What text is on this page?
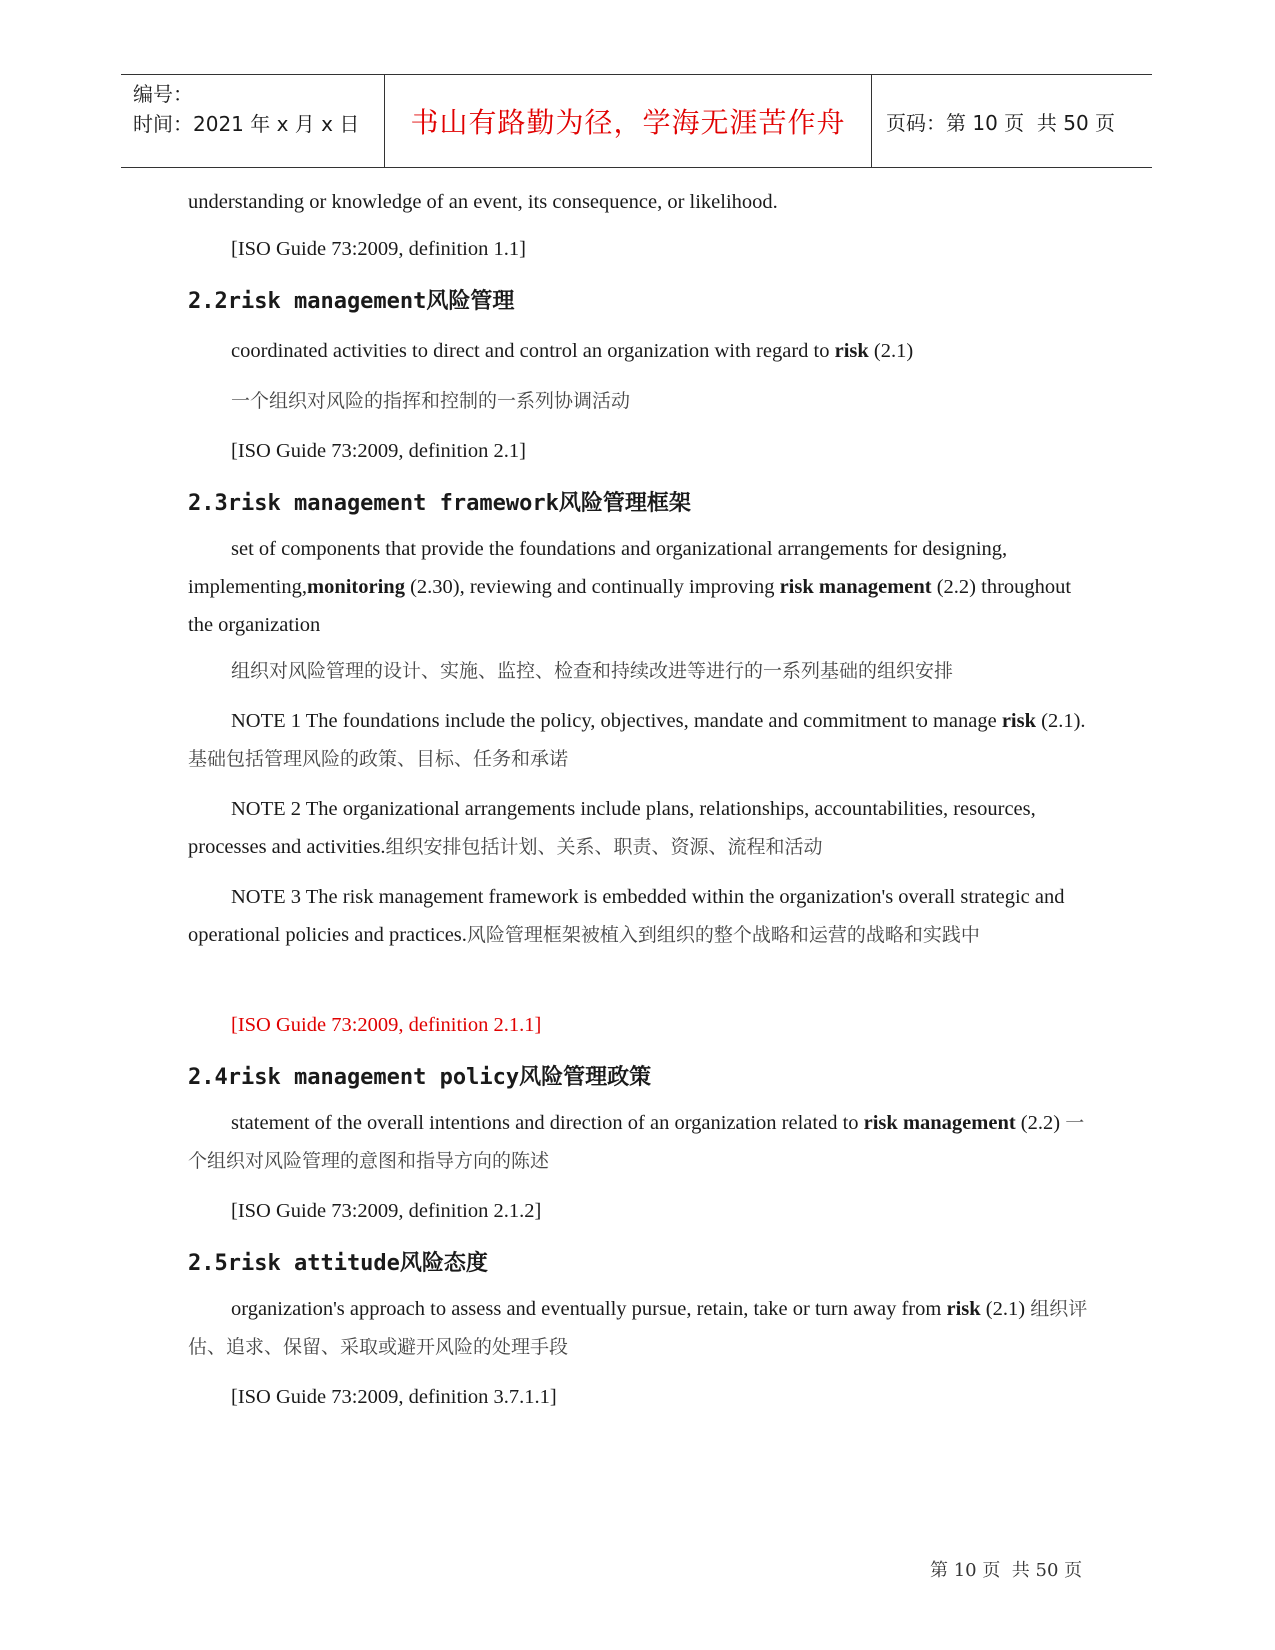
编号：
时间：2021 年 x 月 x 日	书山有路勤为径，学海无涯苦作舟 页码：第 10 页  共 50 页

understanding or knowledge of an event, its consequence, or likelihood.

[ISO Guide 73:2009, definition 1.1]

2.2risk management风险管理

coordinated activities to direct and control an organization with regard to risk (2.1)

一个组织对风险的指挥和控制的一系列协调活动

[ISO Guide 73:2009, definition 2.1]

2.3risk management framework风险管理框架

set of components that provide the foundations and organizational arrangements for designing, implementing,monitoring (2.30), reviewing and continually improving risk management (2.2) throughout the organization

组织对风险管理的设计、实施、监控、检查和持续改进等进行的一系列基础的组织安排

NOTE 1 The foundations include the policy, objectives, mandate and commitment to manage risk (2.1).基础包括管理风险的政策、目标、任务和承诺

NOTE 2 The organizational arrangements include plans, relationships, accountabilities, resources, processes and activities.组织安排包括计划、关系、职责、资源、流程和活动

NOTE 3 The risk management framework is embedded within the organization's overall strategic and operational policies and practices.风险管理框架被植入到组织的整个战略和运营的战略和实践中

[ISO Guide 73:2009, definition 2.1.1]

2.4risk management policy风险管理政策

statement of the overall intentions and direction of an organization related to risk management (2.2) 一个组织对风险管理的意图和指导方向的陈述

[ISO Guide 73:2009, definition 2.1.2]

2.5risk attitude风险态度

organization's approach to assess and eventually pursue, retain, take or turn away from risk (2.1) 组织评估、追求、保留、采取或避开风险的处理手段

[ISO Guide 73:2009, definition 3.7.1.1]

第 10 页  共 50 页
